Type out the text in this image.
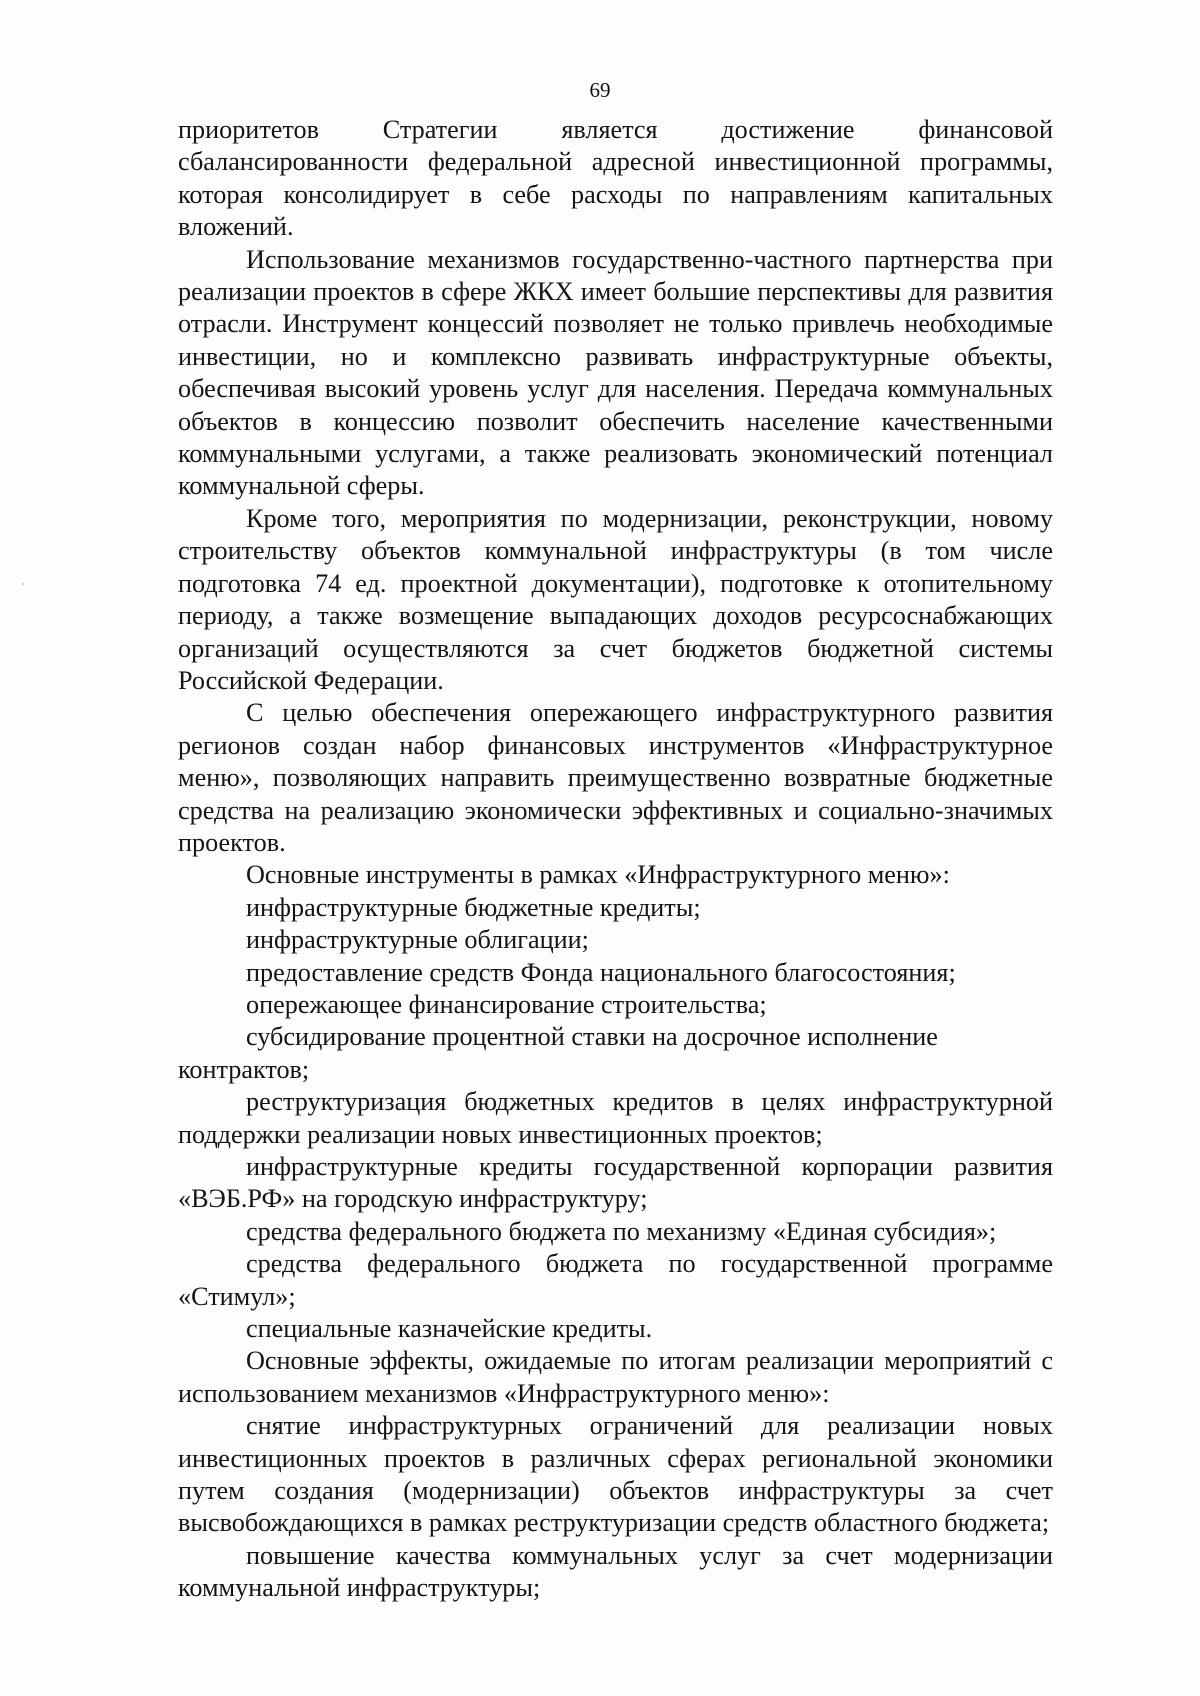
69

приоритетов Стратегии является достижение финансовой сбалансированности федеральной адресной инвестиционной программы, которая консолидирует в себе расходы по направлениям капитальных вложений.

Использование механизмов государственно-частного партнерства при реализации проектов в сфере ЖКХ имеет большие перспективы для развития отрасли. Инструмент концессий позволяет не только привлечь необходимые инвестиции, но и комплексно развивать инфраструктурные объекты, обеспечивая высокий уровень услуг для населения. Передача коммунальных объектов в концессию позволит обеспечить население качественными коммунальными услугами, а также реализовать экономический потенциал коммунальной сферы.

Кроме того, мероприятия по модернизации, реконструкции, новому строительству объектов коммунальной инфраструктуры (в том числе подготовка 74 ед. проектной документации), подготовке к отопительному периоду, а также возмещение выпадающих доходов ресурсоснабжающих организаций осуществляются за счет бюджетов бюджетной системы Российской Федерации.

С целью обеспечения опережающего инфраструктурного развития регионов создан набор финансовых инструментов «Инфраструктурное меню», позволяющих направить преимущественно возвратные бюджетные средства на реализацию экономически эффективных и социально-значимых проектов.

Основные инструменты в рамках «Инфраструктурного меню»:

инфраструктурные бюджетные кредиты;

инфраструктурные облигации;

предоставление средств Фонда национального благосостояния;

опережающее финансирование строительства;

субсидирование процентной ставки на досрочное исполнение контрактов;

реструктуризация бюджетных кредитов в целях инфраструктурной поддержки реализации новых инвестиционных проектов;

инфраструктурные кредиты государственной корпорации развития «ВЭБ.РФ» на городскую инфраструктуру;

средства федерального бюджета по механизму «Единая субсидия»;

средства федерального бюджета по государственной программе «Стимул»;

специальные казначейские кредиты.

Основные эффекты, ожидаемые по итогам реализации мероприятий с использованием механизмов «Инфраструктурного меню»:

снятие инфраструктурных ограничений для реализации новых инвестиционных проектов в различных сферах региональной экономики путем создания (модернизации) объектов инфраструктуры за счет высвобождающихся в рамках реструктуризации средств областного бюджета;

повышение качества коммунальных услуг за счет модернизации коммунальной инфраструктуры;
